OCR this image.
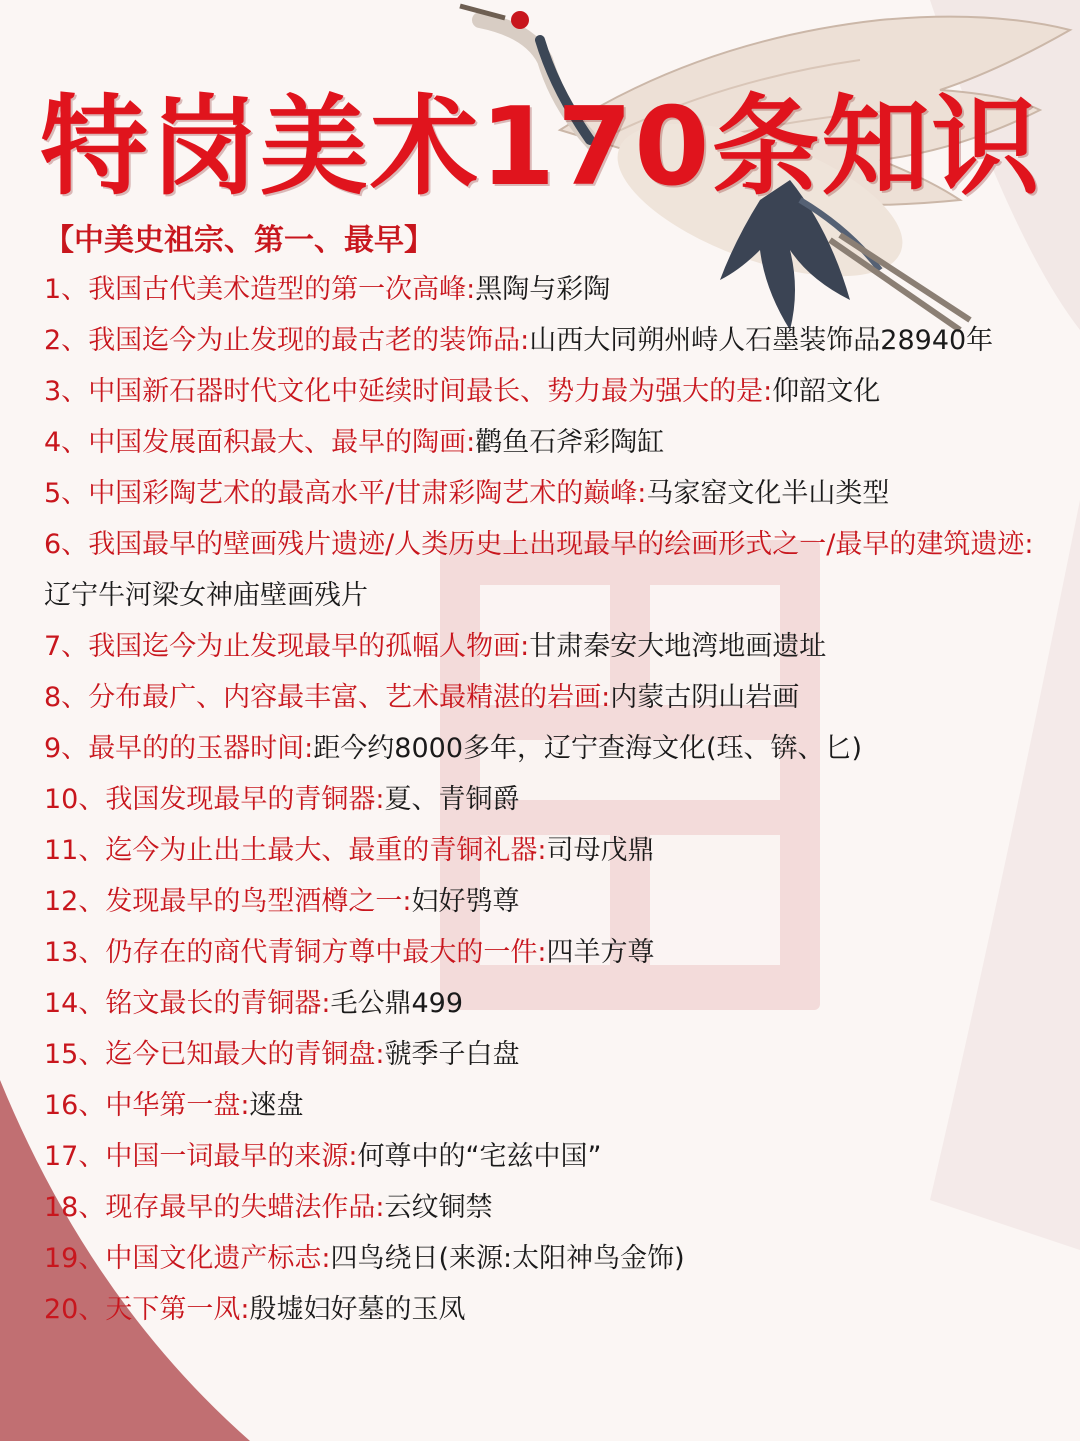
特岗美术170条知识
【中美史祖宗、第一、最早】
1、我国古代美术造型的第一次高峰:黑陶与彩陶
2、我国迄今为止发现的最古老的装饰品:山西大同朔州峙人石墨装饰品28940年
3、中国新石器时代文化中延续时间最长、势力最为强大的是:仰韶文化
4、中国发展面积最大、最早的陶画:鹳鱼石斧彩陶缸
5、中国彩陶艺术的最高水平/甘肃彩陶艺术的巅峰:马家窑文化半山类型
6、我国最早的壁画残片遗迹/人类历史上出现最早的绘画形式之一/最早的建筑遗迹:辽宁牛河梁女神庙壁画残片
7、我国迄今为止发现最早的孤幅人物画:甘肃秦安大地湾地画遗址
8、分布最广、内容最丰富、艺术最精湛的岩画:内蒙古阴山岩画
9、最早的的玉器时间:距今约8000多年，辽宁查海文化(珏、锛、匕)
10、我国发现最早的青铜器:夏、青铜爵
11、迄今为止出土最大、最重的青铜礼器:司母戊鼎
12、发现最早的鸟型酒樽之一:妇好鸮尊
13、仍存在的商代青铜方尊中最大的一件:四羊方尊
14、铭文最长的青铜器:毛公鼎499
15、迄今已知最大的青铜盘:虢季子白盘
16、中华第一盘:逨盘
17、中国一词最早的来源:何尊中的“宅兹中国”
18、现存最早的失蜡法作品:云纹铜禁
19、中国文化遗产标志:四鸟绕日(来源:太阳神鸟金饰)
20、天下第一凤:殷墟妇好墓的玉凤
